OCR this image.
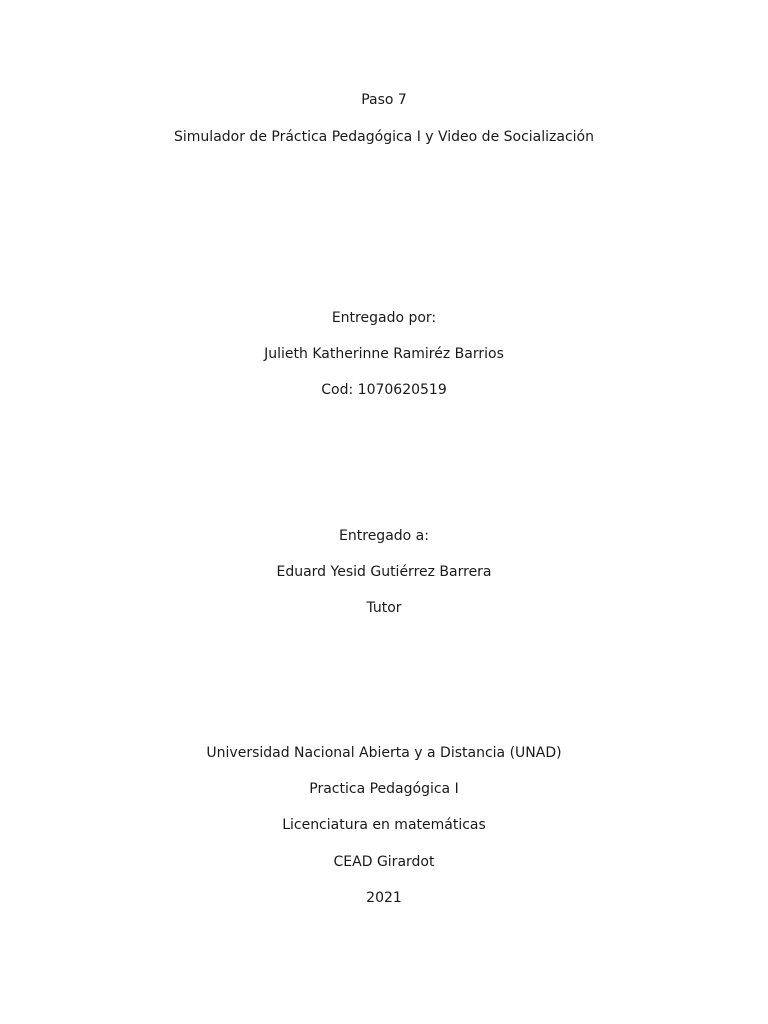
Paso 7
Simulador de Práctica Pedagógica I y Video de Socialización
Entregado por:
Julieth Katherinne Ramiréz Barrios
Cod: 1070620519
Entregado a:
Eduard Yesid Gutiérrez Barrera
Tutor
Universidad Nacional Abierta y a Distancia (UNAD)
Practica Pedagógica I
Licenciatura en matemáticas
CEAD Girardot
2021
